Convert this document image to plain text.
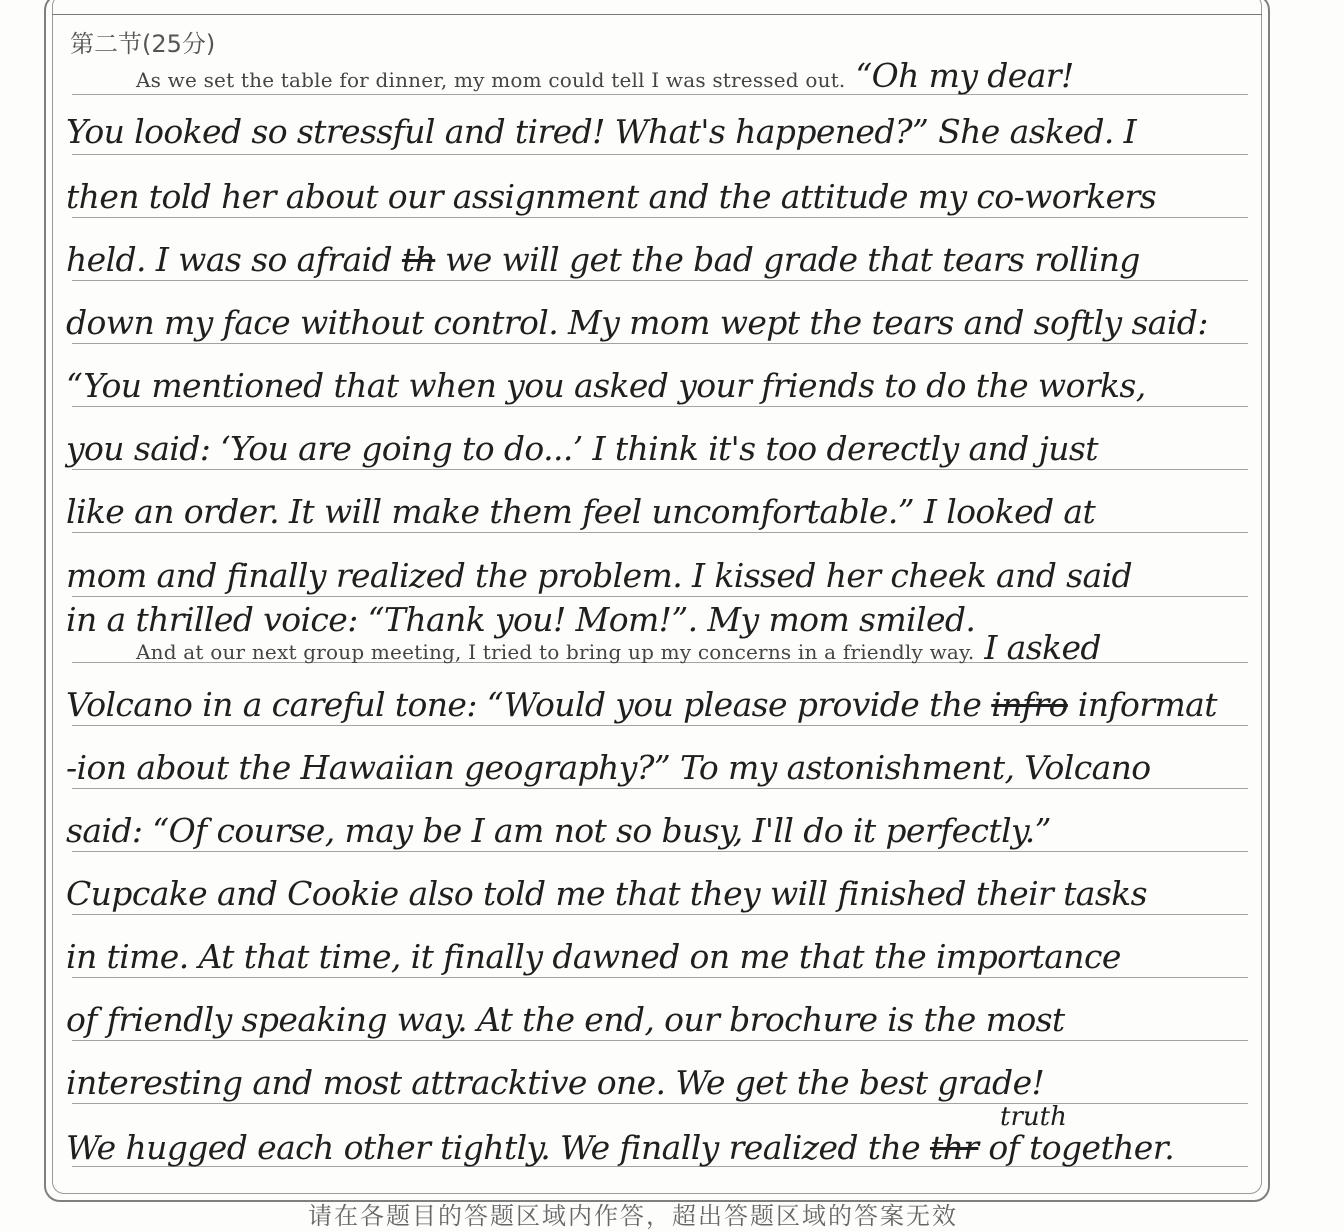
第二节(25分)
As we set the table for dinner, my mom could tell I was stressed out. “Oh my dear!
You looked so stressful and tired! What's happened?” She asked. I
then told her about our assignment and the attitude my co-workers
held. I was so afraid th we will get the bad grade that tears rolling
down my face without control. My mom wept the tears and softly said:
“You mentioned that when you asked your friends to do the works,
you said: ‘You are going to do...’ I think it's too derectly and just
like an order. It will make them feel uncomfortable.” I looked at
mom and finally realized the problem. I kissed her cheek and said
in a thrilled voice: “Thank you! Mom!”. My mom smiled.
And at our next group meeting, I tried to bring up my concerns in a friendly way. I asked
Volcano in a careful tone: “Would you please provide the infro informat
-ion about the Hawaiian geography?” To my astonishment, Volcano
said: “Of course, may be I am not so busy, I'll do it perfectly.”
Cupcake and Cookie also told me that they will finished their tasks
in time. At that time, it finally dawned on me that the importance
of friendly speaking way. At the end, our brochure is the most
interesting and most attracktive one. We get the best grade!
We hugged each other tightly. We finally realized the thr of together.
truth
请在各题目的答题区域内作答，超出答题区域的答案无效
